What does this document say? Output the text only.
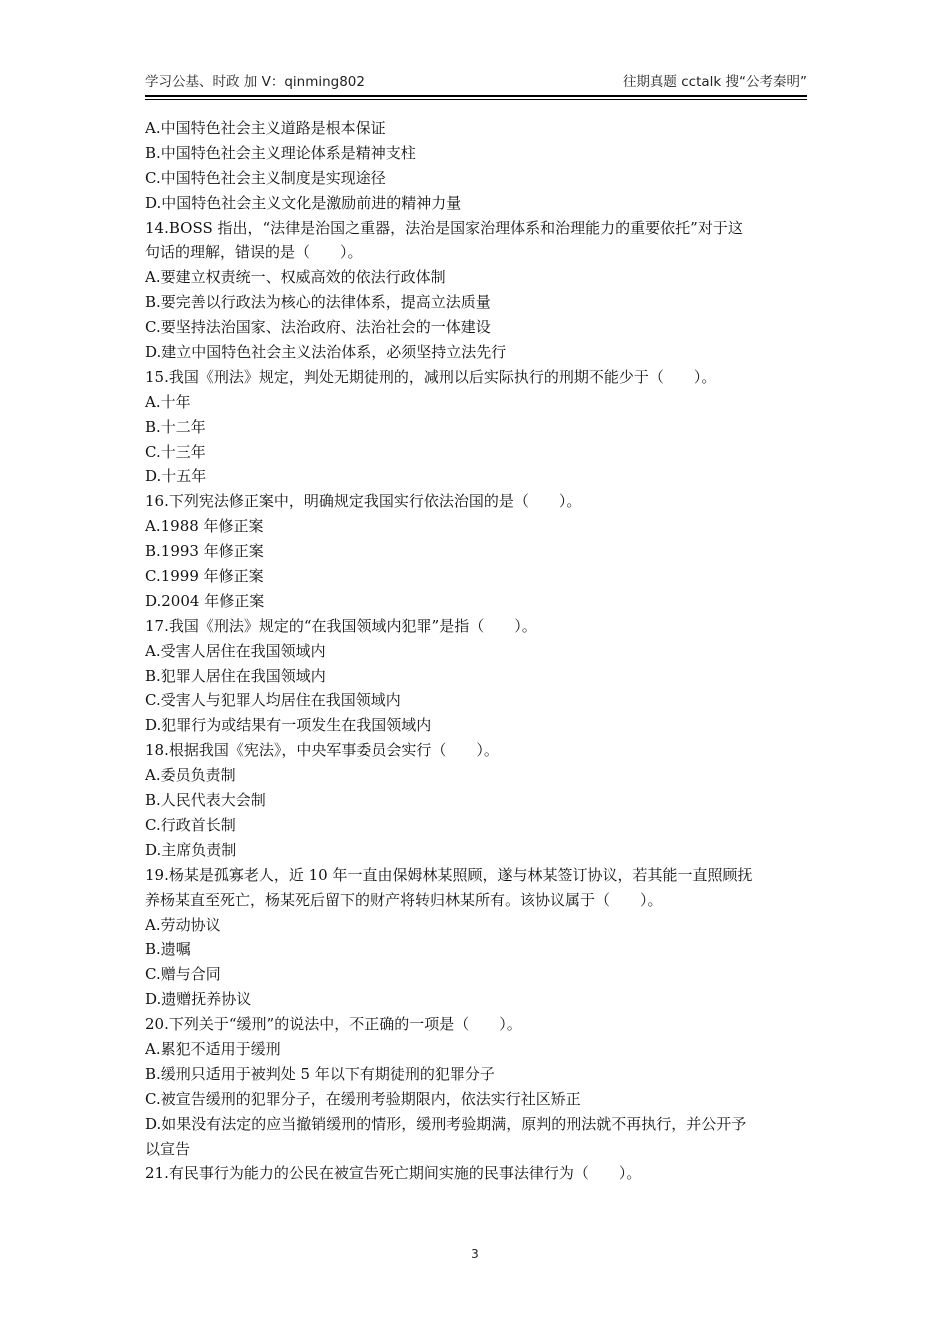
学习公基、时政 加 V：qinming802	往期真题 cctalk 搜“公考秦明”
A.中国特色社会主义道路是根本保证
B.中国特色社会主义理论体系是精神支柱
C.中国特色社会主义制度是实现途径
D.中国特色社会主义文化是激励前进的精神力量
14.BOSS 指出，“法律是治国之重器，法治是国家治理体系和治理能力的重要依托”对于这
句话的理解，错误的是（　　）。
A.要建立权责统一、权威高效的依法行政体制
B.要完善以行政法为核心的法律体系，提高立法质量
C.要坚持法治国家、法治政府、法治社会的一体建设
D.建立中国特色社会主义法治体系，必须坚持立法先行
15.我国《刑法》规定，判处无期徒刑的，减刑以后实际执行的刑期不能少于（　　）。
A.十年
B.十二年
C.十三年
D.十五年
16.下列宪法修正案中，明确规定我国实行依法治国的是（　　）。
A.1988 年修正案
B.1993 年修正案
C.1999 年修正案
D.2004 年修正案
17.我国《刑法》规定的“在我国领域内犯罪”是指（　　）。
A.受害人居住在我国领域内
B.犯罪人居住在我国领域内
C.受害人与犯罪人均居住在我国领域内
D.犯罪行为或结果有一项发生在我国领域内
18.根据我国《宪法》，中央军事委员会实行（　　）。
A.委员负责制
B.人民代表大会制
C.行政首长制
D.主席负责制
19.杨某是孤寡老人，近 10 年一直由保姆林某照顾，遂与林某签订协议，若其能一直照顾抚
养杨某直至死亡，杨某死后留下的财产将转归林某所有。该协议属于（　　）。
A.劳动协议
B.遗嘱
C.赠与合同
D.遗赠抚养协议
20.下列关于“缓刑”的说法中，不正确的一项是（　　）。
A.累犯不适用于缓刑
B.缓刑只适用于被判处 5 年以下有期徒刑的犯罪分子
C.被宣告缓刑的犯罪分子，在缓刑考验期限内，依法实行社区矫正
D.如果没有法定的应当撤销缓刑的情形，缓刑考验期满，原判的刑法就不再执行，并公开予
以宣告
21.有民事行为能力的公民在被宣告死亡期间实施的民事法律行为（　　）。
3
